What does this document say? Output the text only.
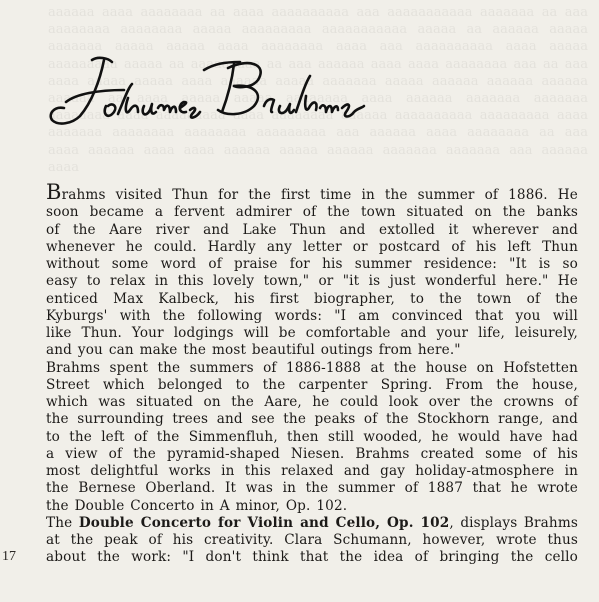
aaaaaa aaaa aaaaaaaa aa aaaa aaaaaaaaaa aaa aaaaaaaaaaa aaaaaaa aa aaa aaaaaaaa aaaaaaaa aaaaa aaaaaaaaa aaaaaaaaaaa aaaaa aa aaaaaa aaaaa aaaaaaa aaaaa aaaaa aaaa aaaaaaaa aaaa aaa aaaaaaaaaa aaaa aaaaa aaaaaaaaa aaaaa aa aaaaaaaaa aa aaa aaaaaa aaaa aaaa aaaaaaaa aaa aa aaa aaaa aaaaa aaaaa aaaa aaaaaa aaaaa aaaaaaa aaaaa aaaaaa aaaaaa aaaaaa aaaaaa aa aaaa aaaaa aaaaa aaaaaaaa aaaa aaaaaa aaaaaaa aaaaaaa aaaaaaaa aaaa aaaaaaaaa aaaa aaaaaaaa aaaaaa aaaaaaaaaa aaaaaaaaa aaaa aaaaaaa aaaaaaaa aaaaaaaa aaaaaaaaa aaa aaaaaa aaaa aaaaaaaa aa aaa aaaa aaaaaa aaaa aaaa aaaaaa aaaaa aaaaaa aaaaaaa aaaaaaa aaa aaaaaa aaaa
Brahms visited Thun for the first time in the summer of 1886. He
soon became a fervent admirer of the town situated on the banks
of the Aare river and Lake Thun and extolled it wherever and
whenever he could. Hardly any letter or postcard of his left Thun
without some word of praise for his summer residence: "It is so
easy to relax in this lovely town," or "it is just wonderful here." He
enticed Max Kalbeck, his first biographer, to the town of the
Kyburgs' with the following words: "I am convinced that you will
like Thun. Your lodgings will be comfortable and your life, leisurely,
and you can make the most beautiful outings from here."
Brahms spent the summers of 1886-1888 at the house on Hofstetten
Street which belonged to the carpenter Spring. From the house,
which was situated on the Aare, he could look over the crowns of
the surrounding trees and see the peaks of the Stockhorn range, and
to the left of the Simmenfluh, then still wooded, he would have had
a view of the pyramid-shaped Niesen. Brahms created some of his
most delightful works in this relaxed and gay holiday-atmosphere in
the Bernese Oberland. It was in the summer of 1887 that he wrote
the Double Concerto in A minor, Op. 102.
The Double Concerto for Violin and Cello, Op. 102, displays Brahms
at the peak of his creativity. Clara Schumann, however, wrote thus
about the work: "I don't think that the idea of bringing the cello
17
